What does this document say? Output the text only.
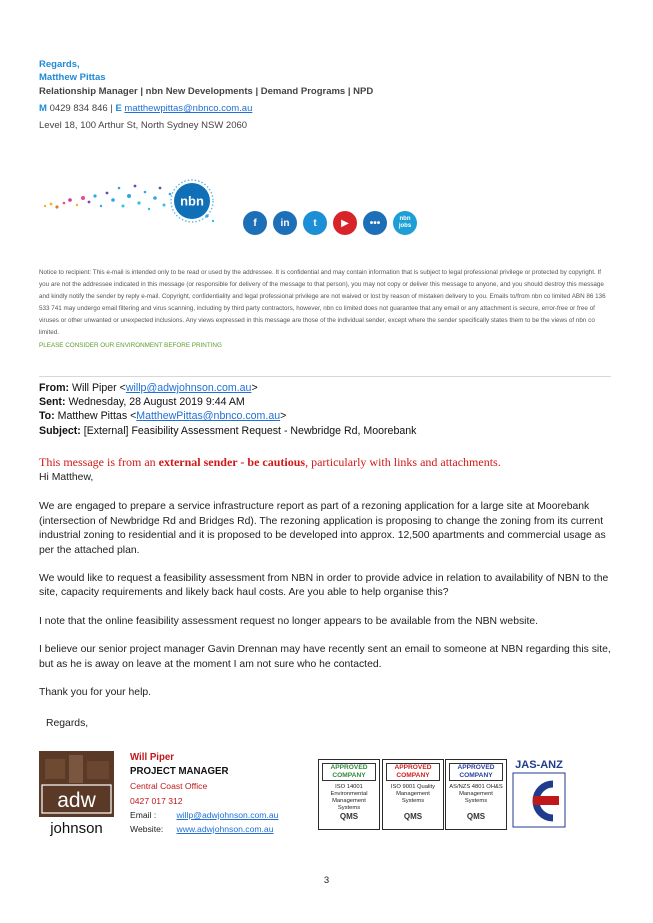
Regards,
Matthew Pittas
Relationship Manager | nbn New Developments | Demand Programs | NPD
M 0429 834 846 | E matthewpittas@nbnco.com.au
Level 18, 100 Arthur St, North Sydney NSW 2060
nbn
f	in	t	▶	•••	nbn jobs
Notice to recipient: This e-mail is intended only to be read or used by the addressee. It is confidential and may contain information that is subject to legal professional privilege or protected by copyright. If you are not the addressee indicated in this message (or responsible for delivery of the message to that person), you may not copy or deliver this message to anyone, and you should destroy this message and kindly notify the sender by reply e-mail. Copyright, confidentiality and legal professional privilege are not waived or lost by reason of mistaken delivery to you. Emails to/from nbn co limited ABN 86 136 533 741 may undergo email filtering and virus scanning, including by third party contractors, however, nbn co limited does not guarantee that any email or any attachment is secure, error-free or free of viruses or other unwanted or unexpected inclusions. Any views expressed in this message are those of the individual sender, except where the sender specifically states them to be the views of nbn co limited.
PLEASE CONSIDER OUR ENVIRONMENT BEFORE PRINTING
From: Will Piper <willp@adwjohnson.com.au>
Sent: Wednesday, 28 August 2019 9:44 AM
To: Matthew Pittas <MatthewPittas@nbnco.com.au>
Subject: [External] Feasibility Assessment Request - Newbridge Rd, Moorebank
This message is from an external sender - be cautious, particularly with links and attachments.

Hi Matthew,

We are engaged to prepare a service infrastructure report as part of a rezoning application for a large site at Moorebank (intersection of Newbridge Rd and Bridges Rd). The rezoning application is proposing to change the zoning from its current industrial zoning to residential and it is proposed to be developed into approx. 12,500 apartments and commercial usage as per the attached plan.

We would like to request a feasibility assessment from NBN in order to provide advice in relation to availability of NBN to the site, capacity requirements and likely back haul costs. Are you able to help organise this?

I note that the online feasibility assessment request no longer appears to be available from the NBN website.

I believe our senior project manager Gavin Drennan may have recently sent an email to someone at NBN regarding this site, but as he is away on leave at the moment I am not sure who he contacted.

Thank you for your help.

Regards,
adw
johnson
Will Piper
PROJECT MANAGER
Central Coast Office
0427 017 312
Email : willp@adwjohnson.com.au
Website: www.adwjohnson.com.au
APPROVED COMPANY
ISO 14001 Environmental Management Systems
QMS
APPROVED COMPANY
ISO 9001 Quality Management Systems
QMS
APPROVED COMPANY
AS/NZS 4801 OH&S Management Systems
QMS
JAS-ANZ
3
